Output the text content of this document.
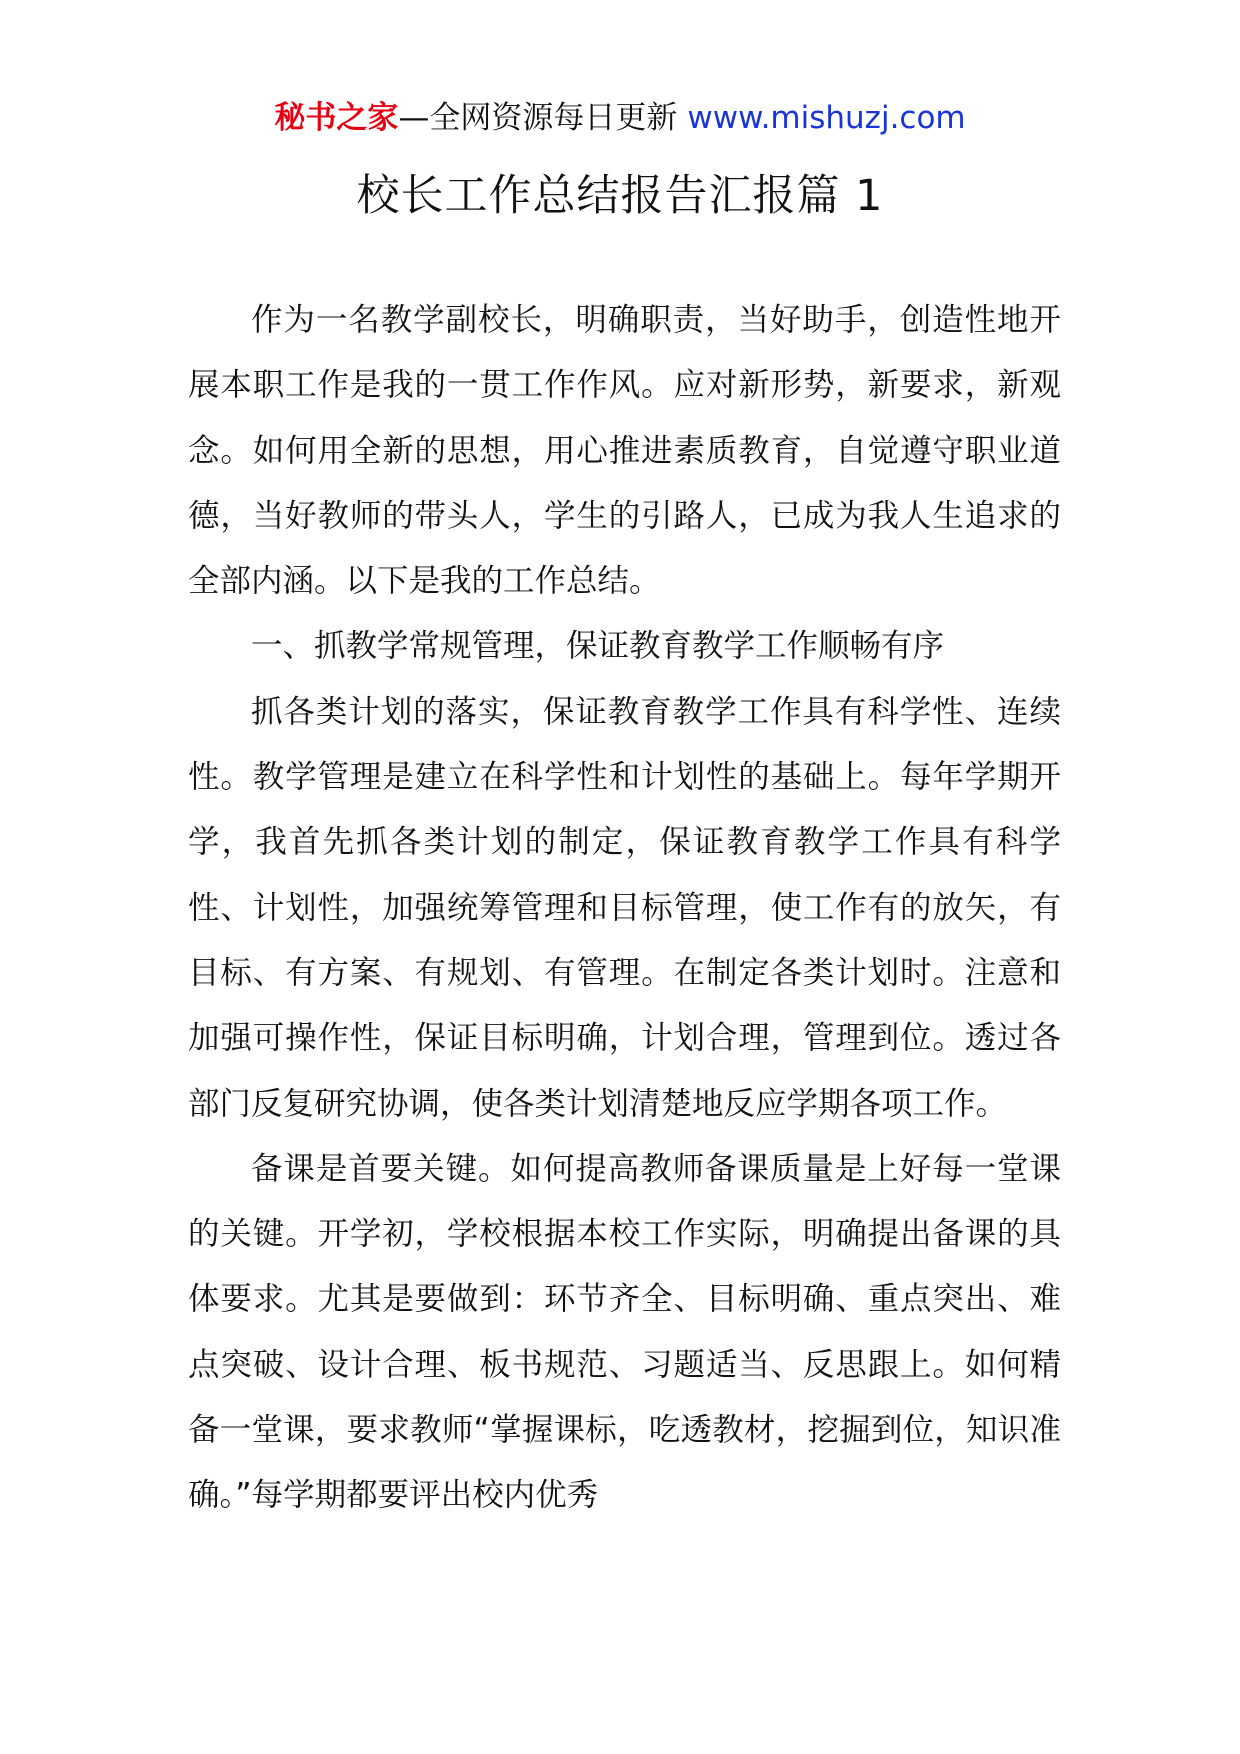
秘书之家—全网资源每日更新 www.mishuzj.com
校长工作总结报告汇报篇 1

作为一名教学副校长，明确职责，当好助手，创造性地开展本职工作是我的一贯工作作风。应对新形势，新要求，新观念。如何用全新的思想，用心推进素质教育，自觉遵守职业道德，当好教师的带头人，学生的引路人，已成为我人生追求的全部内涵。以下是我的工作总结。

一、抓教学常规管理，保证教育教学工作顺畅有序

抓各类计划的落实，保证教育教学工作具有科学性、连续性。教学管理是建立在科学性和计划性的基础上。每年学期开学，我首先抓各类计划的制定，保证教育教学工作具有科学性、计划性，加强统筹管理和目标管理，使工作有的放矢，有目标、有方案、有规划、有管理。在制定各类计划时。注意和加强可操作性，保证目标明确，计划合理，管理到位。透过各部门反复研究协调，使各类计划清楚地反应学期各项工作。

备课是首要关键。如何提高教师备课质量是上好每一堂课的关键。开学初，学校根据本校工作实际，明确提出备课的具体要求。尤其是要做到：环节齐全、目标明确、重点突出、难点突破、设计合理、板书规范、习题适当、反思跟上。如何精备一堂课，要求教师“掌握课标，吃透教材，挖掘到位，知识准确。”每学期都要评出校内优秀
